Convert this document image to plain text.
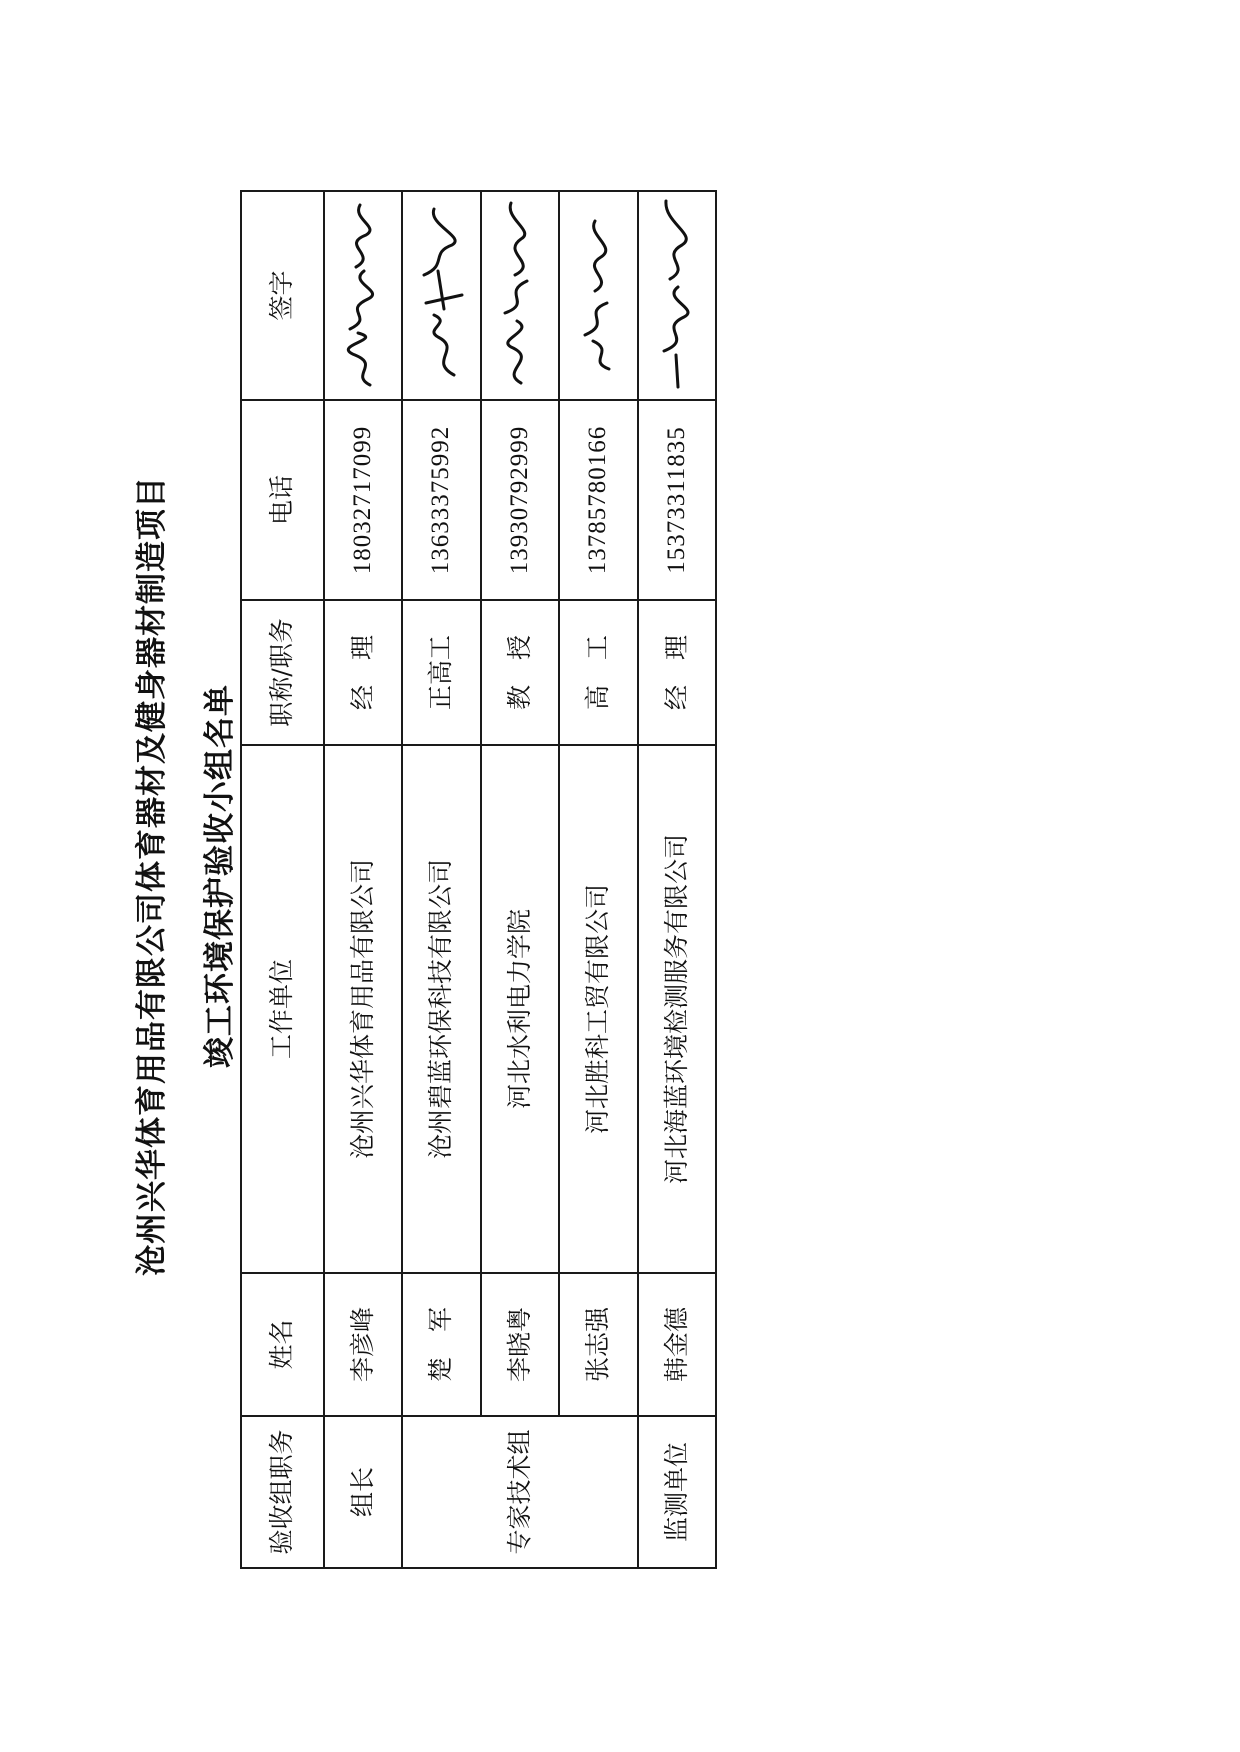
沧州兴华体育用品有限公司体育器材及健身器材制造项目 竣工环境保护验收小组名单
验收组职务	姓名	工作单位	职称/职务	电话	签字
组长	李彦峰	沧州兴华体育用品有限公司	经　理	18032717099	

专家技术组	楚　军	沧州碧蓝环保科技有限公司	正高工	13633375992	

	李晓粤	河北水利电力学院	教　授	13930792999	

	张志强	河北胜科工贸有限公司	高　工	13785780166	

监测单位	韩金德	河北海蓝环境检测服务有限公司	经　理	15373311835	
